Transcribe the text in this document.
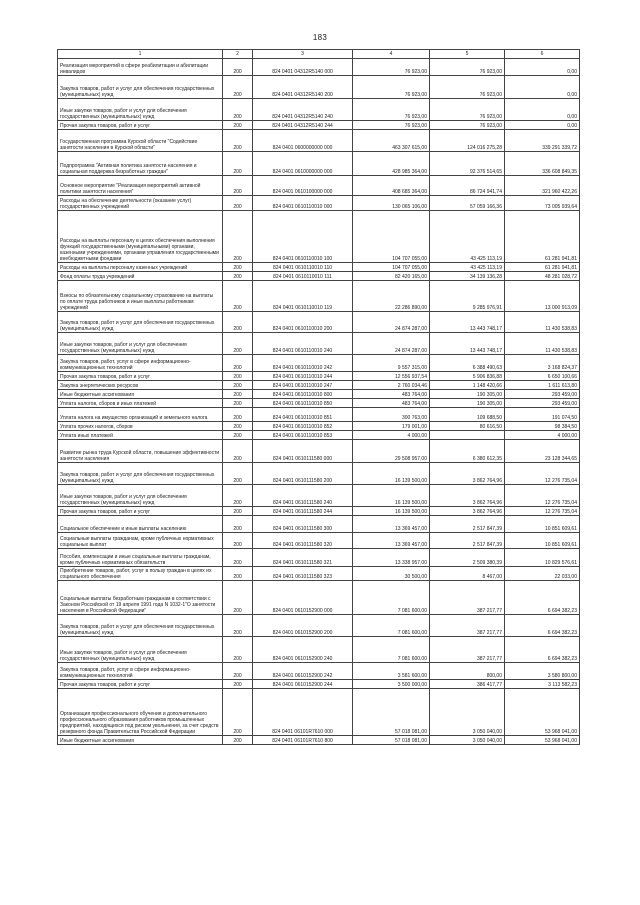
183
1	2	3	4	5	6
Реализация мероприятий в сфере реабилитации и абилитации инвалидов	200	824 0401 04312R5140 000	76 923,00	76 923,00	0,00
Закупка товаров, работ и услуг для обеспечения государственных (муниципальных) нужд	200	824 0401 04312R5140 200	76 923,00	76 923,00	0,00
Иные закупки товаров, работ и услуг для обеспечения государственных (муниципальных) нужд	200	824 0401 04312R5140 240	76 923,00	76 923,00	0,00
Прочая закупка товаров, работ и услуг	200	824 0401 04312R5140 244	76 923,00	76 923,00	0,00
Государственная программа Курской области "Содействие занятости населения в Курской области"	200	824 0401 0600000000 000	463 307 615,00	124 016 275,28	339 291 339,72
Подпрограмма "Активная политика занятости населения и социальная поддержка безработных граждан"	200	824 0401 0610000000 000	428 985 364,00	92 376 514,65	336 608 849,35
Основное мероприятие "Реализация мероприятий активной политики занятости населения"	200	824 0401 0610100000 000	408 685 364,00	86 724 941,74	321 960 422,26
Расходы на обеспечение деятельности (оказание услуг) государственных учреждений	200	824 0401 0610110010 000	130 065 106,00	57 059 166,36	73 005 939,64
Расходы на выплаты персоналу в целях обеспечения выполнения функций государственными (муниципальными) органами, казенными учреждениями, органами управления государственными внебюджетными фондами	200	824 0401 0610110010 100	104 707 055,00	43 425 113,19	61 281 941,81
Расходы на выплаты персоналу казенных учреждений	200	824 0401 0610110010 110	104 707 055,00	43 425 113,19	61 281 941,81
Фонд оплаты труда учреждений	200	824 0401 0610110010 111	82 420 165,00	34 139 136,28	48 281 028,72
Взносы по обязательному социальному страхованию на выплаты по оплате труда работников и иные выплаты работникам учреждений	200	824 0401 0610110010 119	22 286 890,00	9 285 976,91	13 000 913,09
Закупка товаров, работ и услуг для обеспечения государственных (муниципальных) нужд	200	824 0401 0610110010 200	24 874 287,00	13 443 748,17	11 430 538,83
Иные закупки товаров, работ и услуг для обеспечения государственных (муниципальных) нужд	200	824 0401 0610110010 240	24 874 287,00	13 443 748,17	11 430 538,83
Закупка товаров, работ, услуг в сфере информационно-коммуникационных технологий	200	824 0401 0610110010 242	9 557 315,00	6 388 490,63	3 168 824,37
Прочая закупка товаров, работ и услуг	200	824 0401 0610110010 244	12 556 937,54	5 906 836,88	6 650 100,66
Закупка энергетических ресурсов	200	824 0401 0610110010 247	2 760 034,46	1 148 420,66	1 611 613,80
Иные бюджетные ассигнования	200	824 0401 0610110010 800	483 764,00	190 305,00	293 459,00
Уплата налогов, сборов и иных платежей	200	824 0401 0610110010 850	483 764,00	190 305,00	293 459,00
Уплата налога на имущество организаций и земельного налога	200	824 0401 0610110010 851	300 763,00	109 688,50	191 074,50
Уплата прочих налогов, сборов	200	824 0401 0610110010 852	179 001,00	80 616,50	98 384,50
Уплата иных платежей	200	824 0401 0610110010 853	4 000,00		4 000,00
Развитие рынка труда Курской области, повышение эффективности занятости населения	200	824 0401 0610111580 000	29 508 957,00	6 380 612,35	23 128 344,65
Закупка товаров, работ и услуг для обеспечения государственных (муниципальных) нужд	200	824 0401 0610111580 200	16 139 500,00	3 862 764,96	12 276 735,04
Иные закупки товаров, работ и услуг для обеспечения государственных (муниципальных) нужд	200	824 0401 0610111580 240	16 139 500,00	3 862 764,96	12 276 735,04
Прочая закупка товаров, работ и услуг	200	824 0401 0610111580 244	16 139 500,00	3 862 764,96	12 276 735,04
Социальное обеспечение и иные выплаты населению	200	824 0401 0610111580 300	13 369 457,00	2 517 847,39	10 851 609,61
Социальные выплаты гражданам, кроме публичных нормативных социальных выплат	200	824 0401 0610111580 320	13 369 457,00	2 517 847,39	10 851 609,61
Пособия, компенсации и иные социальные выплаты гражданам, кроме публичных нормативных обязательств	200	824 0401 0610111580 321	13 338 957,00	2 509 380,39	10 829 576,61
Приобретение товаров, работ, услуг в пользу граждан в целях их социального обеспечения	200	824 0401 0610111580 323	30 500,00	8 467,00	22 033,00
Социальные выплаты безработным гражданам в соответствии с Законом Российской от 19 апреля 1991 года N 1032-1"О занятости населения в Российской Федерации"	200	824 0401 0610152900 000	7 081 600,00	387 217,77	6 694 382,23
Закупка товаров, работ и услуг для обеспечения государственных (муниципальных) нужд	200	824 0401 0610152900 200	7 081 600,00	387 217,77	6 694 382,23
Иные закупки товаров, работ и услуг для обеспечения государственных (муниципальных) нужд	200	824 0401 0610152900 240	7 081 600,00	387 217,77	6 694 382,23
Закупка товаров, работ, услуг в сфере информационно-коммуникационных технологий	200	824 0401 0610152900 242	3 581 600,00	800,00	3 580 800,00
Прочая закупка товаров, работ и услуг	200	824 0401 0610152900 244	3 500 000,00	386 417,77	3 113 582,23
Организация профессионального обучения и дополнительного профессионального образования работников промышленных предприятий, находящихся под риском увольнения, за счет средств резервного фонда Правительства Российской Федерации	200	824 0401 06101R7610 000	57 018 081,00	3 050 040,00	53 968 041,00
Иные бюджетные ассигнования	200	824 0401 06101R7610 800	57 018 081,00	3 050 040,00	53 968 041,00
